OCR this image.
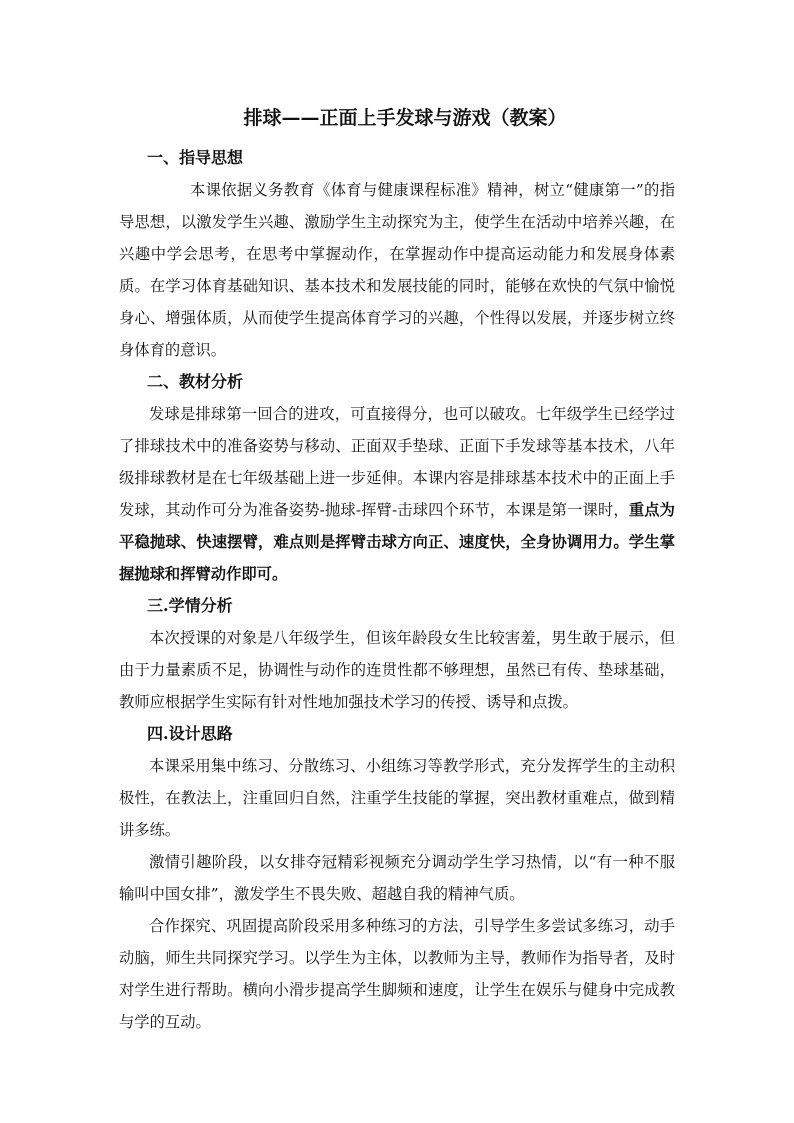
排球——正面上手发球与游戏（教案）
一、指导思想

本课依据义务教育《体育与健康课程标准》精神，树立“健康第一”的指导思想，以激发学生兴趣、激励学生主动探究为主，使学生在活动中培养兴趣，在兴趣中学会思考，在思考中掌握动作，在掌握动作中提高运动能力和发展身体素质。在学习体育基础知识、基本技术和发展技能的同时，能够在欢快的气氛中愉悦身心、增强体质，从而使学生提高体育学习的兴趣，个性得以发展，并逐步树立终身体育的意识。

二、教材分析

发球是排球第一回合的进攻，可直接得分，也可以破攻。七年级学生已经学过了排球技术中的准备姿势与移动、正面双手垫球、正面下手发球等基本技术，八年级排球教材是在七年级基础上进一步延伸。本课内容是排球基本技术中的正面上手发球，其动作可分为准备姿势-抛球-挥臂-击球四个环节，本课是第一课时，重点为平稳抛球、快速摆臂，难点则是挥臂击球方向正、速度快，全身协调用力。学生掌握抛球和挥臂动作即可。

三.学情分析

本次授课的对象是八年级学生，但该年龄段女生比较害羞，男生敢于展示，但由于力量素质不足，协调性与动作的连贯性都不够理想，虽然已有传、垫球基础，教师应根据学生实际有针对性地加强技术学习的传授、诱导和点拨。

四.设计思路

本课采用集中练习、分散练习、小组练习等教学形式，充分发挥学生的主动积极性，在教法上，注重回归自然，注重学生技能的掌握，突出教材重难点，做到精讲多练。

激情引趣阶段，以女排夺冠精彩视频充分调动学生学习热情，以“有一种不服输叫中国女排”，激发学生不畏失败、超越自我的精神气质。

合作探究、巩固提高阶段采用多种练习的方法，引导学生多尝试多练习，动手动脑，师生共同探究学习。以学生为主体，以教师为主导，教师作为指导者，及时对学生进行帮助。横向小滑步提高学生脚频和速度，让学生在娱乐与健身中完成教与学的互动。
